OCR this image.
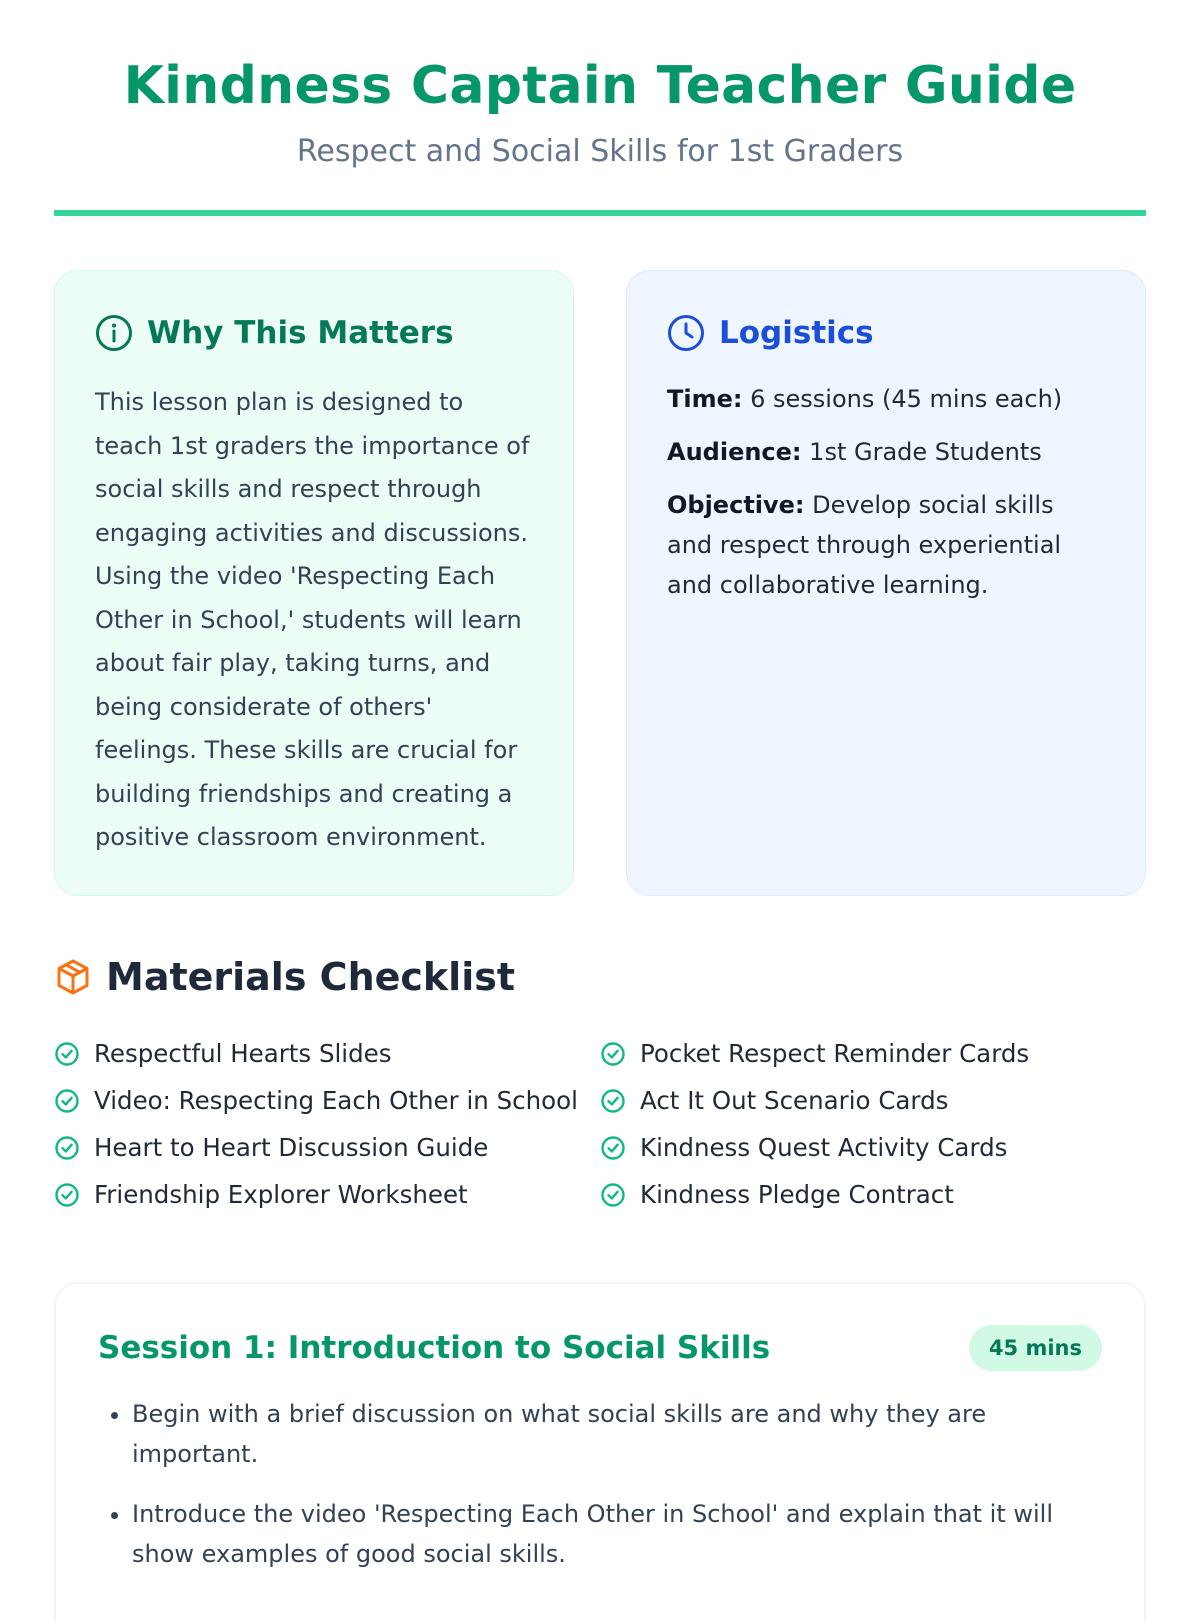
Kindness Captain Teacher Guide
Respect and Social Skills for 1st Graders
Why This Matters
This lesson plan is designed to teach 1st graders the importance of social skills and respect through engaging activities and discussions. Using the video 'Respecting Each Other in School,' students will learn about fair play, taking turns, and being considerate of others' feelings. These skills are crucial for building friendships and creating a positive classroom environment.
Logistics
Time: 6 sessions (45 mins each)
Audience: 1st Grade Students
Objective: Develop social skills and respect through experiential and collaborative learning.
Materials Checklist
Respectful Hearts Slides
Video: Respecting Each Other in School
Heart to Heart Discussion Guide
Friendship Explorer Worksheet
Pocket Respect Reminder Cards
Act It Out Scenario Cards
Kindness Quest Activity Cards
Kindness Pledge Contract
Session 1: Introduction to Social Skills	45 mins
• Begin with a brief discussion on what social skills are and why they are important.
• Introduce the video 'Respecting Each Other in School' and explain that it will show examples of good social skills.
